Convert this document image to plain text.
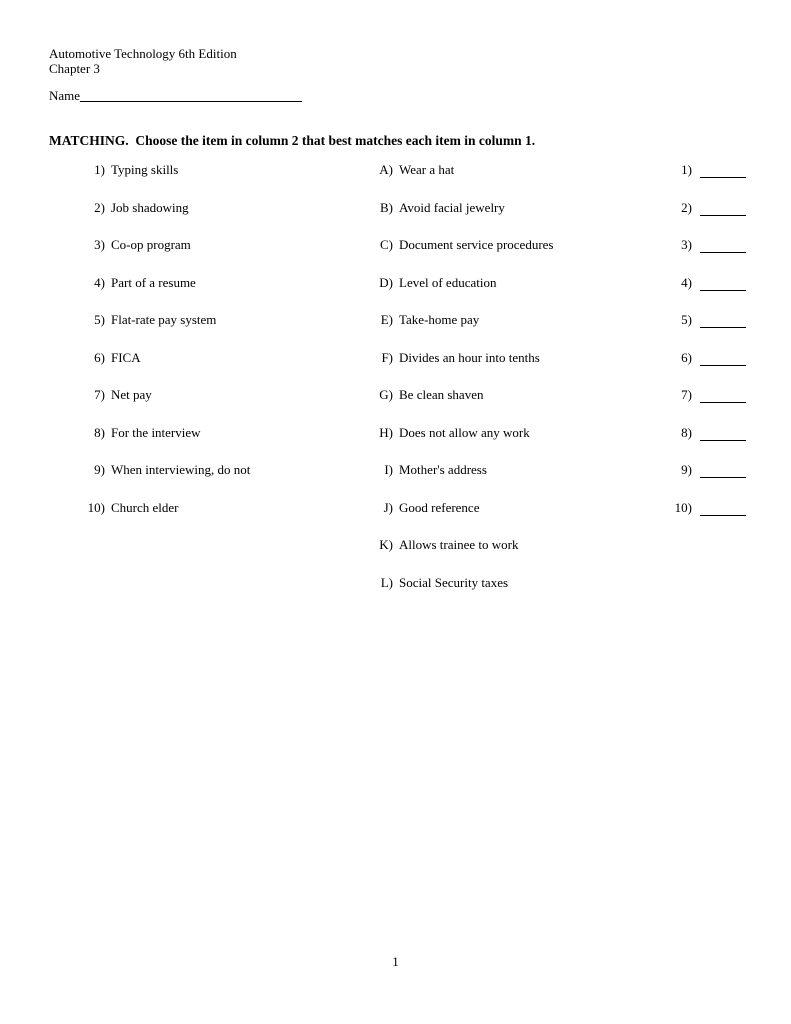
Automotive Technology 6th Edition
Chapter 3
Name
MATCHING.  Choose the item in column 2 that best matches each item in column 1.
1) Typing skills
2) Job shadowing
3) Co-op program
4) Part of a resume
5) Flat-rate pay system
6) FICA
7) Net pay
8) For the interview
9) When interviewing, do not
10) Church elder
A) Wear a hat
B) Avoid facial jewelry
C) Document service procedures
D) Level of education
E) Take-home pay
F) Divides an hour into tenths
G) Be clean shaven
H) Does not allow any work
I) Mother's address
J) Good reference
K) Allows trainee to work
L) Social Security taxes
1)
2)
3)
4)
5)
6)
7)
8)
9)
10)
1
